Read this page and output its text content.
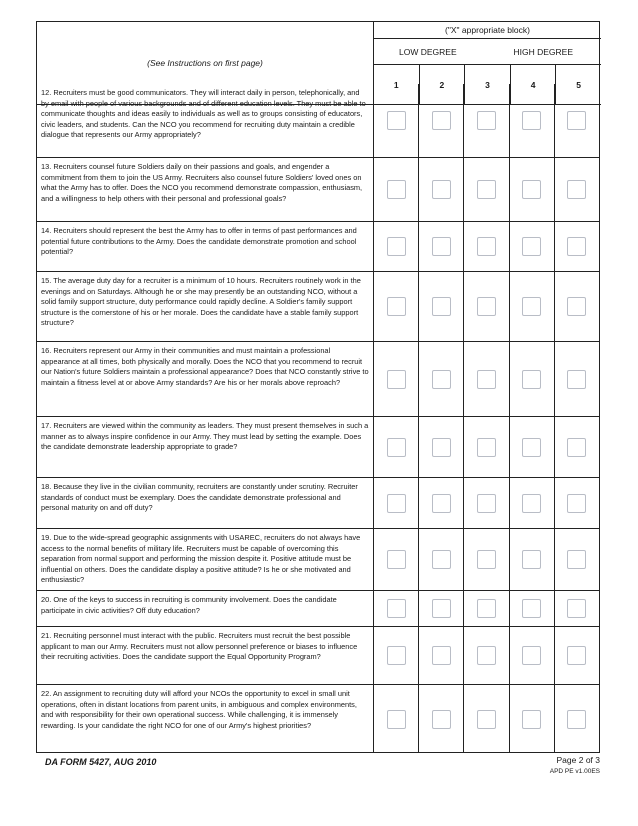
(See Instructions on first page)
("X" appropriate block)
LOW DEGREE	HIGH DEGREE
1	2	3	4	5
12. Recruiters must be good communicators. They will interact daily in person, telephonically, and by email with people of various backgrounds and of different education levels. They must be able to communicate thoughts and ideas easily to individuals as well as to groups consisting of educators, civic leaders, and students. Can the NCO you recommend for recruiting duty maintain a credible dialogue that represents our Army appropriately?
13. Recruiters counsel future Soldiers daily on their passions and goals, and engender a commitment from them to join the US Army. Recruiters also counsel future Soldiers' loved ones on what the Army has to offer. Does the NCO you recommend demonstrate compassion, enthusiasm, and a willingness to help others with their personal and professional goals?
14. Recruiters should represent the best the Army has to offer in terms of past performances and potential future contributions to the Army. Does the candidate demonstrate promotion and school potential?
15. The average duty day for a recruiter is a minimum of 10 hours. Recruiters routinely work in the evenings and on Saturdays. Although he or she may presently be an outstanding NCO, without a solid family support structure, duty performance could rapidly decline. A Soldier's family support structure is the cornerstone of his or her morale. Does the candidate have a stable family support structure?
16. Recruiters represent our Army in their communities and must maintain a professional appearance at all times, both physically and morally. Does the NCO that you recommend to recruit our Nation's future Soldiers maintain a professional appearance? Does that NCO constantly strive to maintain a fitness level at or above Army standards? Are his or her morals above reproach?
17. Recruiters are viewed within the community as leaders. They must present themselves in such a manner as to always inspire confidence in our Army. They must lead by setting the example. Does the candidate demonstrate leadership appropriate to grade?
18. Because they live in the civilian community, recruiters are constantly under scrutiny. Recruiter standards of conduct must be exemplary. Does the candidate demonstrate professional and personal maturity on and off duty?
19. Due to the wide-spread geographic assignments with USAREC, recruiters do not always have access to the normal benefits of military life. Recruiters must be capable of overcoming this separation from normal support and performing the mission despite it. Positive attitude must be influential on others. Does the candidate display a positive attitude? Is he or she motivated and enthusiastic?
20. One of the keys to success in recruiting is community involvement. Does the candidate participate in civic activities? Off duty education?
21. Recruiting personnel must interact with the public. Recruiters must recruit the best possible applicant to man our Army. Recruiters must not allow personnel preference or biases to influence their recruiting activities. Does the candidate support the Equal Opportunity Program?
22. An assignment to recruiting duty will afford your NCOs the opportunity to excel in small unit operations, often in distant locations from parent units, in ambiguous and complex environments, and with responsibility for their own operational success. While challenging, it is immensely rewarding. Is your candidate the right NCO for one of our Army's highest priorities?
DA FORM 5427, AUG 2010	Page 2 of 3
APD PE v1.00ES
